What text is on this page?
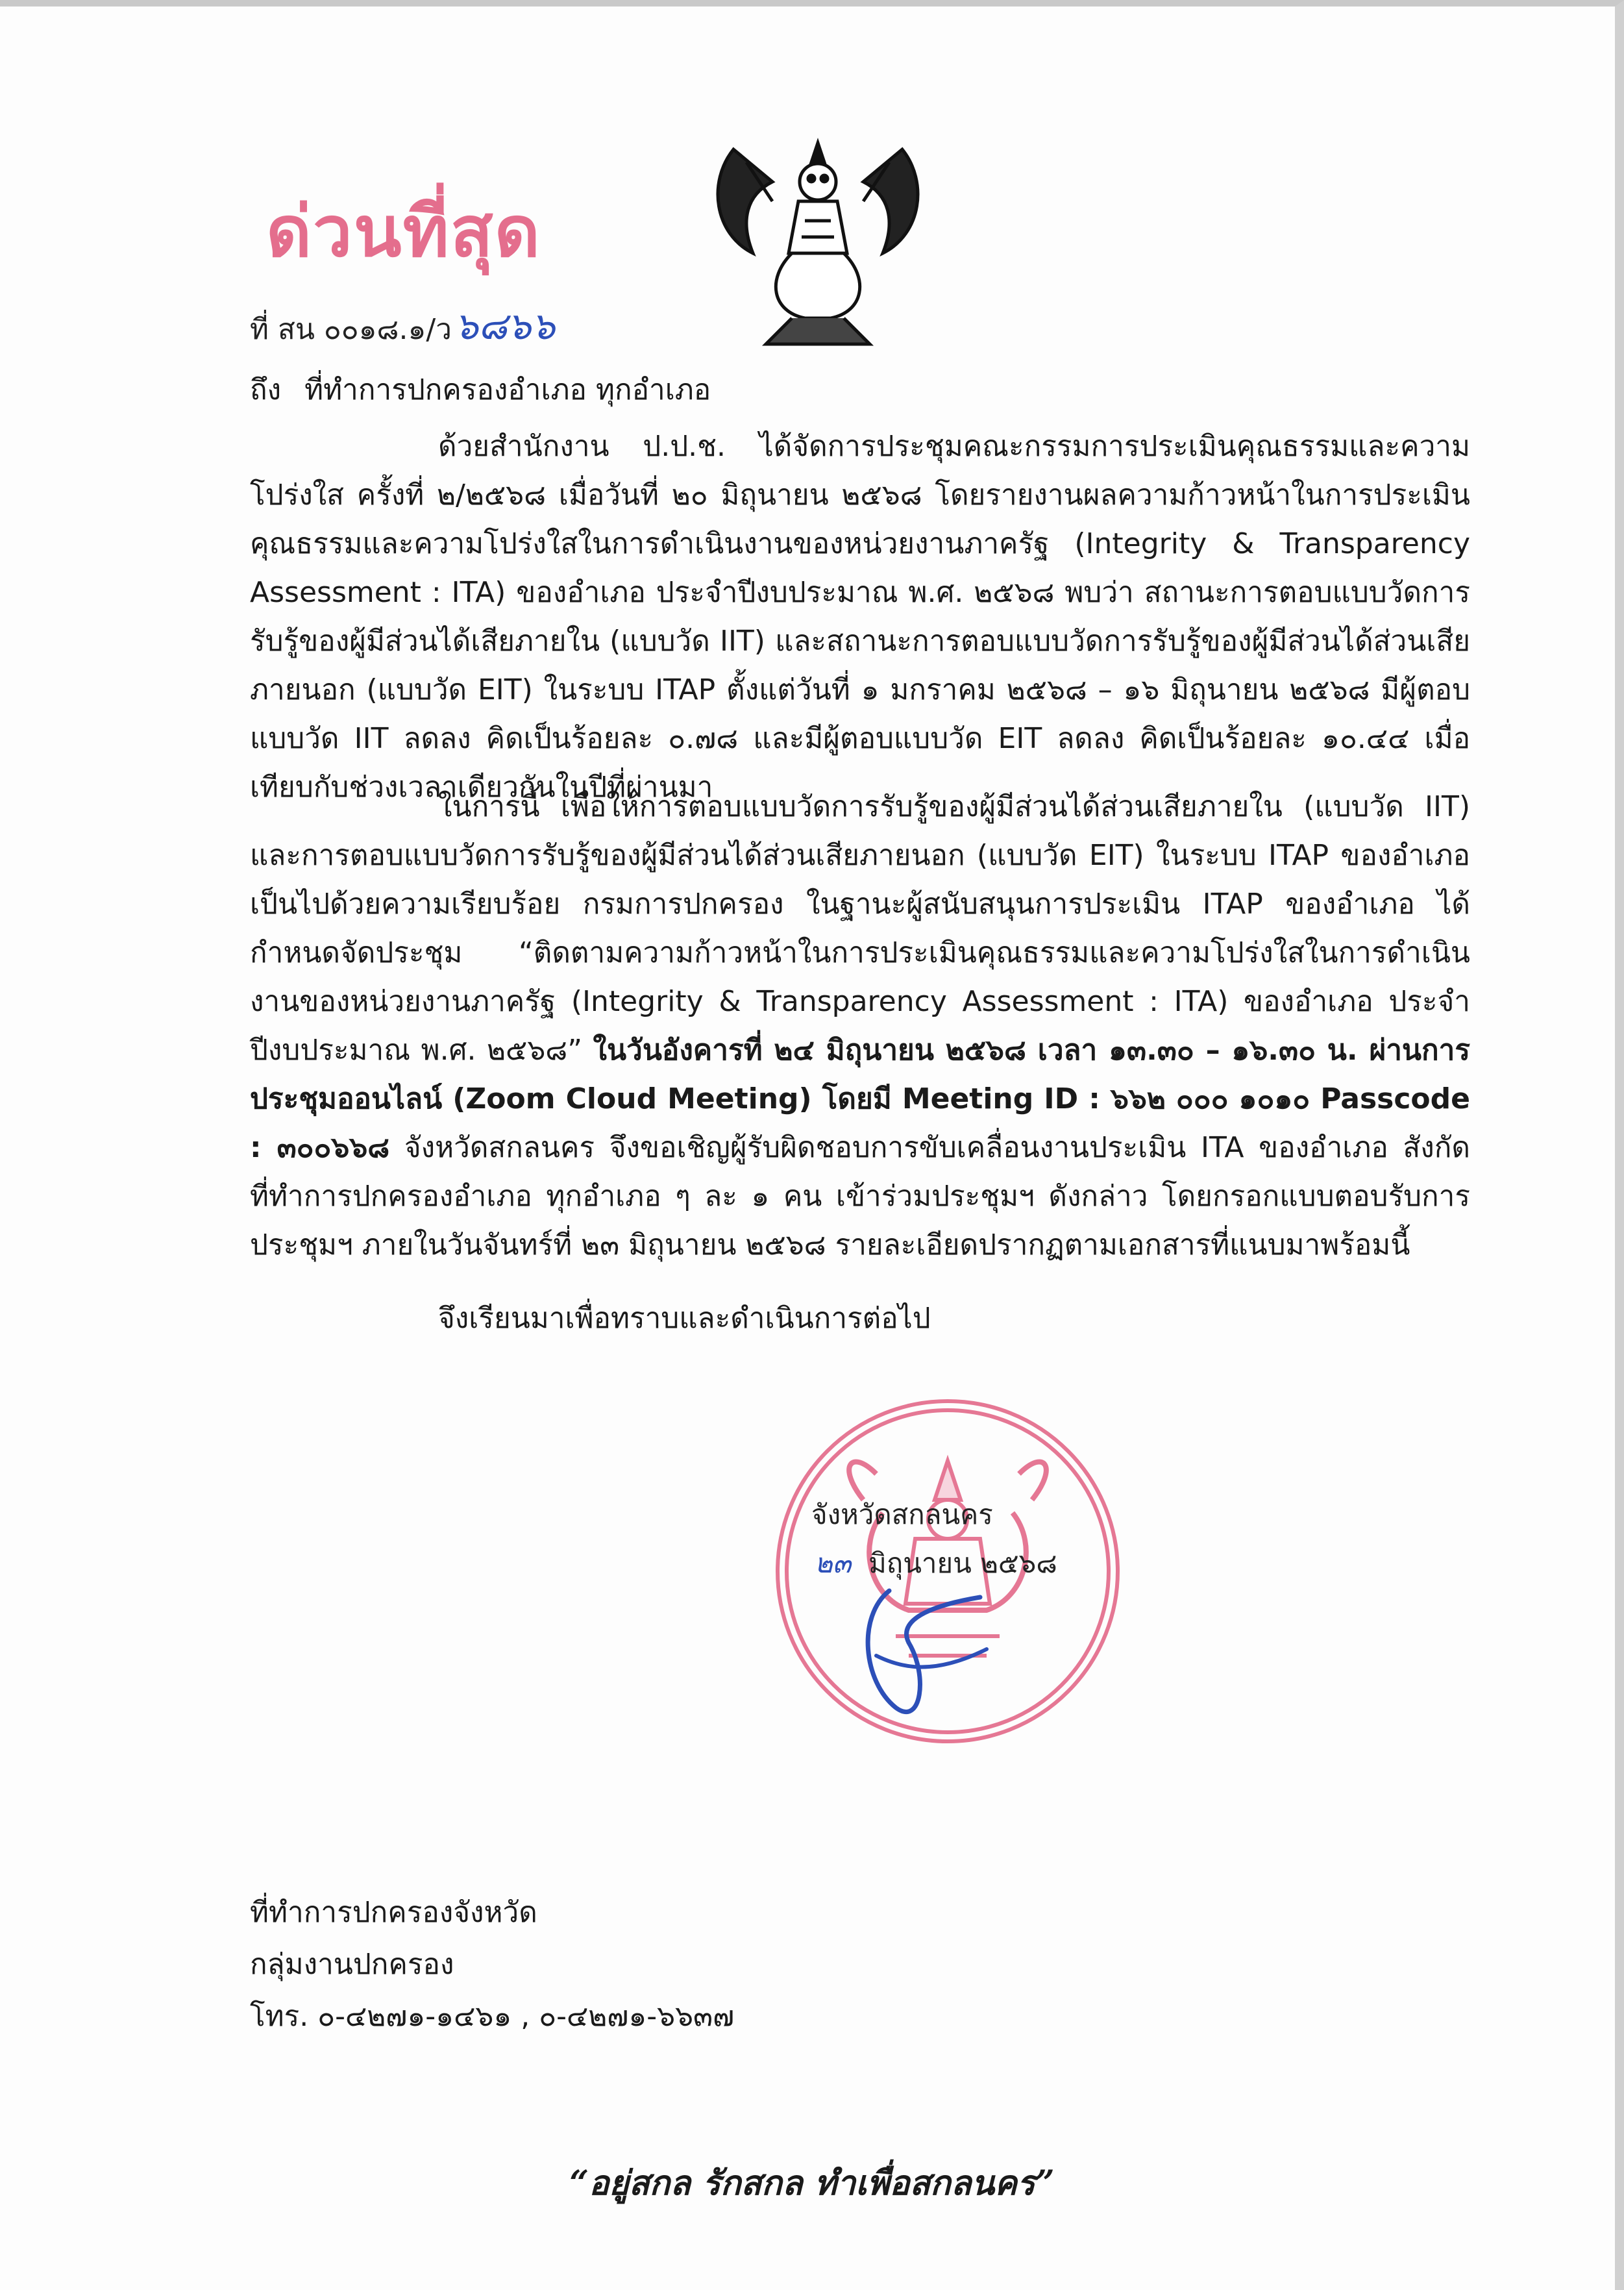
ด่วนที่สุด
ที่ สน ๐๐๑๘.๑/ว๖๘๖๖
ถึง ที่ทำการปกครองอำเภอ ทุกอำเภอ
ด้วยสำนักงาน ป.ป.ช. ได้จัดการประชุมคณะกรรมการประเมินคุณธรรมและความโปร่งใส ครั้งที่ ๒/๒๕๖๘ เมื่อวันที่ ๒๐ มิถุนายน ๒๕๖๘ โดยรายงานผลความก้าวหน้าในการประเมินคุณธรรมและความโปร่งใสในการดำเนินงานของหน่วยงานภาครัฐ (Integrity & Transparency Assessment : ITA) ของอำเภอ ประจำปีงบประมาณ พ.ศ. ๒๕๖๘ พบว่า สถานะการตอบแบบวัดการรับรู้ของผู้มีส่วนได้เสียภายใน (แบบวัด IIT) และสถานะการตอบแบบวัดการรับรู้ของผู้มีส่วนได้ส่วนเสียภายนอก (แบบวัด EIT) ในระบบ ITAP ตั้งแต่วันที่ ๑ มกราคม ๒๕๖๘ – ๑๖ มิถุนายน ๒๕๖๘ มีผู้ตอบแบบวัด IIT ลดลง คิดเป็นร้อยละ ๐.๗๘ และมีผู้ตอบแบบวัด EIT ลดลง คิดเป็นร้อยละ ๑๐.๔๔ เมื่อเทียบกับช่วงเวลาเดียวกันในปีที่ผ่านมา
ในการนี้ เพื่อให้การตอบแบบวัดการรับรู้ของผู้มีส่วนได้ส่วนเสียภายใน (แบบวัด IIT) และการตอบแบบวัดการรับรู้ของผู้มีส่วนได้ส่วนเสียภายนอก (แบบวัด EIT) ในระบบ ITAP ของอำเภอเป็นไปด้วยความเรียบร้อย กรมการปกครอง ในฐานะผู้สนับสนุนการประเมิน ITAP ของอำเภอ ได้กำหนดจัดประชุม “ติดตามความก้าวหน้าในการประเมินคุณธรรมและความโปร่งใสในการดำเนินงานของหน่วยงานภาครัฐ (Integrity & Transparency Assessment : ITA) ของอำเภอ ประจำปีงบประมาณ พ.ศ. ๒๕๖๘” ในวันอังคารที่ ๒๔ มิถุนายน ๒๕๖๘ เวลา ๑๓.๓๐ – ๑๖.๓๐ น. ผ่านการประชุมออนไลน์ (Zoom Cloud Meeting) โดยมี Meeting ID : ๖๖๒ ๐๐๐ ๑๐๑๐ Passcode : ๓๐๐๖๖๘ จังหวัดสกลนคร จึงขอเชิญผู้รับผิดชอบการขับเคลื่อนงานประเมิน ITA ของอำเภอ สังกัดที่ทำการปกครองอำเภอ ทุกอำเภอ ๆ ละ ๑ คน เข้าร่วมประชุมฯ ดังกล่าว โดยกรอกแบบตอบรับการประชุมฯ ภายในวันจันทร์ที่ ๒๓ มิถุนายน ๒๕๖๘ รายละเอียดปรากฏตามเอกสารที่แนบมาพร้อมนี้
จึงเรียนมาเพื่อทราบและดำเนินการต่อไป
จังหวัดสกลนคร
๒๓ มิถุนายน ๒๕๖๘
ที่ทำการปกครองจังหวัด
กลุ่มงานปกครอง
โทร. ๐-๔๒๗๑-๑๔๖๑ , ๐-๔๒๗๑-๖๖๓๗
“อยู่สกล รักสกล ทำเพื่อสกลนคร”
